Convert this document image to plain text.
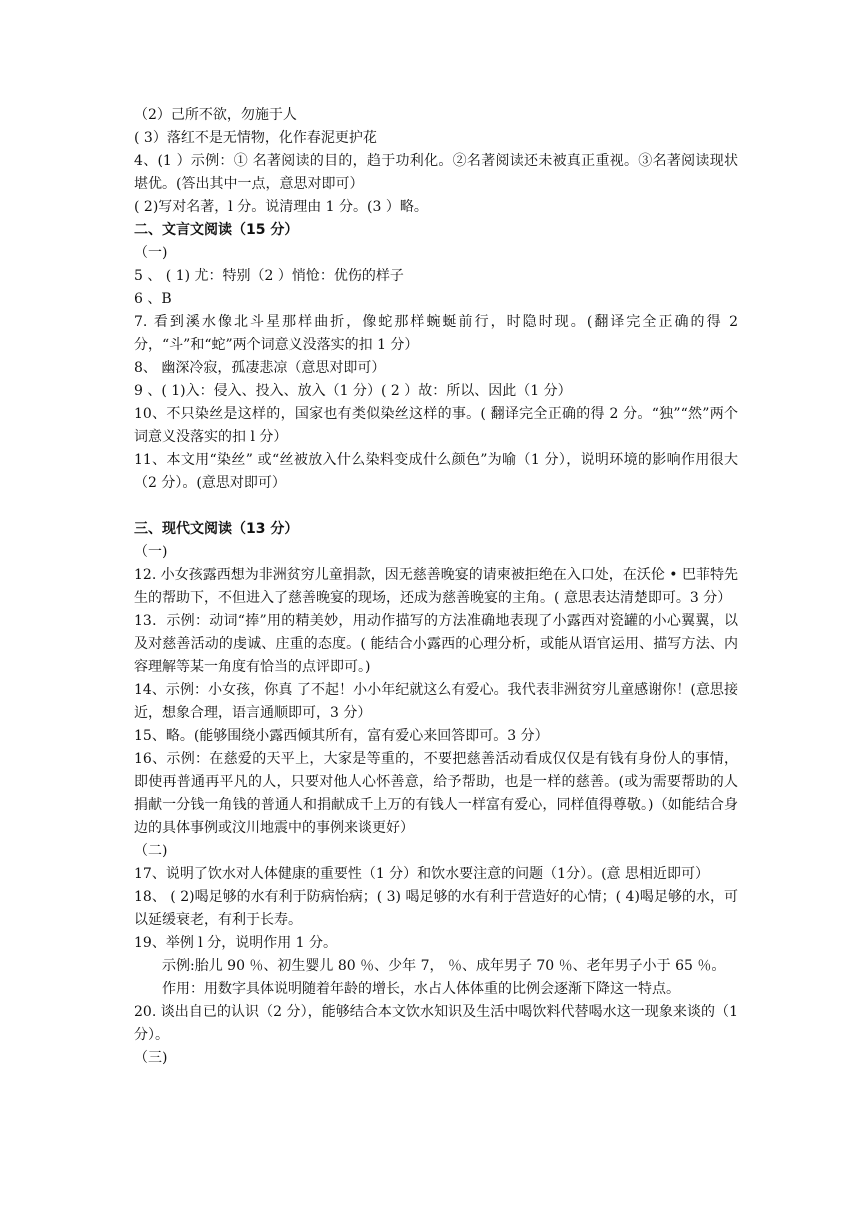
（2）己所不欲，勿施于人

( 3）落红不是无情物，化作春泥更护花

4、(1 ）示例：① 名著阅读的目的，趋于功利化。②名著阅读还未被真正重视。③名著阅读现状堪优。(答出其中一点，意思对即可）

( 2)写对名著，l 分。说清理由 1 分。(3 ）略。

二、文言文阅读（15 分）

（一)

5 、 ( 1) 尤：特别（2 ）悄怆：优伤的样子

6 、B

7. 看到溪水像北斗星那样曲折，像蛇那样蜿蜒前行，时隐时现。(翻译完全正确的得 2 分，“斗”和“蛇”两个词意义没落实的扣 1 分）

8、 幽深冷寂，孤凄悲凉（意思对即可）

9 、( 1)入：侵入、投入、放入（1 分）( 2 ）故：所以、因此（1 分）

10、不只染丝是这样的，国家也有类似染丝这样的事。( 翻译完全正确的得 2 分。“独”“然”两个词意义没落实的扣 l 分）

11、本文用“染丝” 或“丝被放入什么染料变成什么颜色”为喻（1 分），说明环境的影响作用很大（2 分）。(意思对即可）

三、现代文阅读（13 分）

（一)

12. 小女孩露西想为非洲贫穷儿童捐款，因无慈善晚宴的请柬被拒绝在入口处，在沃伦 • 巴菲特先生的帮助下，不但进入了慈善晚宴的现场，还成为慈善晚宴的主角。( 意思表达清楚即可。3 分）

13．示例：动词“捧”用的精美妙，用动作描写的方法准确地表现了小露西对瓷罐的小心翼翼，以及对慈善活动的虔诚、庄重的态度。( 能结合小露西的心理分析，或能从语官运用、描写方法、内容理解等某一角度有恰当的点评即可。)

14、示例：小女孩，你真 了不起！小小年纪就这么有爱心。我代表非洲贫穷儿童感谢你！(意思接近，想象合理，语言通顺即可，3 分）

15、略。(能够围绕小露西倾其所有，富有爱心来回答即可。3 分）

16、示例：在慈爱的天平上，大家是等重的，不要把慈善活动看成仅仅是有钱有身份人的事情，即使再普通再平凡的人，只要对他人心怀善意，给予帮助，也是一样的慈善。(或为需要帮助的人捐献一分钱一角钱的普通人和捐献成千上万的有钱人一样富有爱心，同样值得尊敬。)（如能结合身边的具体事例或汶川地震中的事例来谈更好）

（二)

17、说明了饮水对人体健康的重要性（1 分）和饮水要注意的问题（1分）。(意 思相近即可）

18、 ( 2)喝足够的水有利于防病怡病；( 3) 喝足够的水有利于营造好的心情；( 4)喝足够的水，可以延缓衰老，有利于长寿。

19、举例 l 分，说明作用 1 分。

示例:胎儿 90 ％、初生婴儿 80 ％、少年 7， ％、成年男子 70 ％、老年男子小于 65 ％。

作用：用数字具体说明随着年龄的增长，水占人体体重的比例会逐渐下降这一特点。

20. 谈出自已的认识（2 分），能够结合本文饮水知识及生活中喝饮料代替喝水这一现象来谈的（1 分）。

（三)
